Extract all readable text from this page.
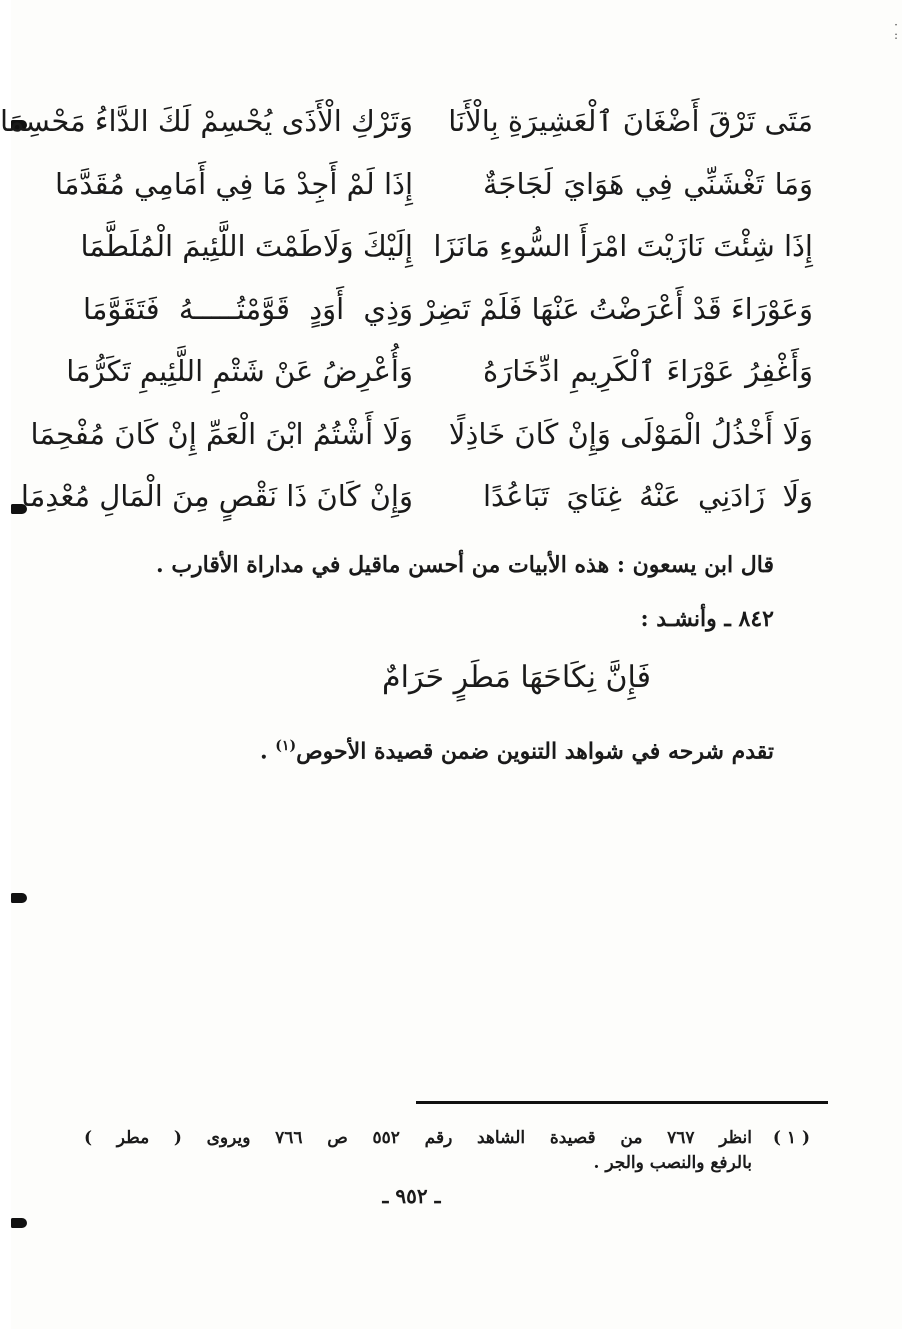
·
:
مَتَى تَرْقَ أَضْغَانَ ٱلْعَشِيرَةِ بِالْأَنَا
وَتَرْكِ الْأَذَى يُحْسِمْ لَكَ الدَّاءُ مَحْسِمَا
وَمَا تَغْشَنِّي فِي هَوَايَ لَجَاجَةٌ
إِذَا لَمْ أَجِدْ مَا فِي أَمَامِي مُقَدَّمَا
إِذَا شِئْتَ نَازَيْتَ امْرَأَ السُّوءِ مَانَزَا
إِلَيْكَ وَلَاطَمْتَ اللَّئِيمَ الْمُلَطَّمَا
وَعَوْرَاءَ قَدْ أَعْرَضْتُ عَنْهَا فَلَمْ تَضِرْ
وَذِي أَوَدٍ قَوَّمْتُـــــهُ فَتَقَوَّمَا
وَأَغْفِرُ عَوْرَاءَ ٱلْكَرِيمِ ادِّخَارَهُ
وَأُعْرِضُ عَنْ شَتْمِ اللَّئِيمِ تَكَرُّمَا
وَلَا أَخْذُلُ الْمَوْلَى وَإِنْ كَانَ خَاذِلًا
وَلَا أَشْتُمُ ابْنَ الْعَمِّ إِنْ كَانَ مُفْحِمَا
وَلَا زَادَنِي عَنْهُ غِنَايَ تَبَاعُدًا
وَإِنْ كَانَ ذَا نَقْصٍ مِنَ الْمَالِ مُعْدِمَا
قال ابن يسعون : هذه الأبيات من أحسن ماقيل في مداراة الأقارب .
٨٤٢ ـ وأنشـد :
فَإِنَّ نِكَاحَهَا مَطَرٍ حَرَامٌ
تقدم شرحه في شواهد التنوين ضمن قصيدة الأحوص$^{(١)}$ .
( ١ )
انظر ٧٦٧ من قصيدة الشاهد رقم ٥٥٢ ص ٧٦٦ ويروى ( مطر )
بالرفع والنصب والجر .
ـ ٩٥٢ ـ
